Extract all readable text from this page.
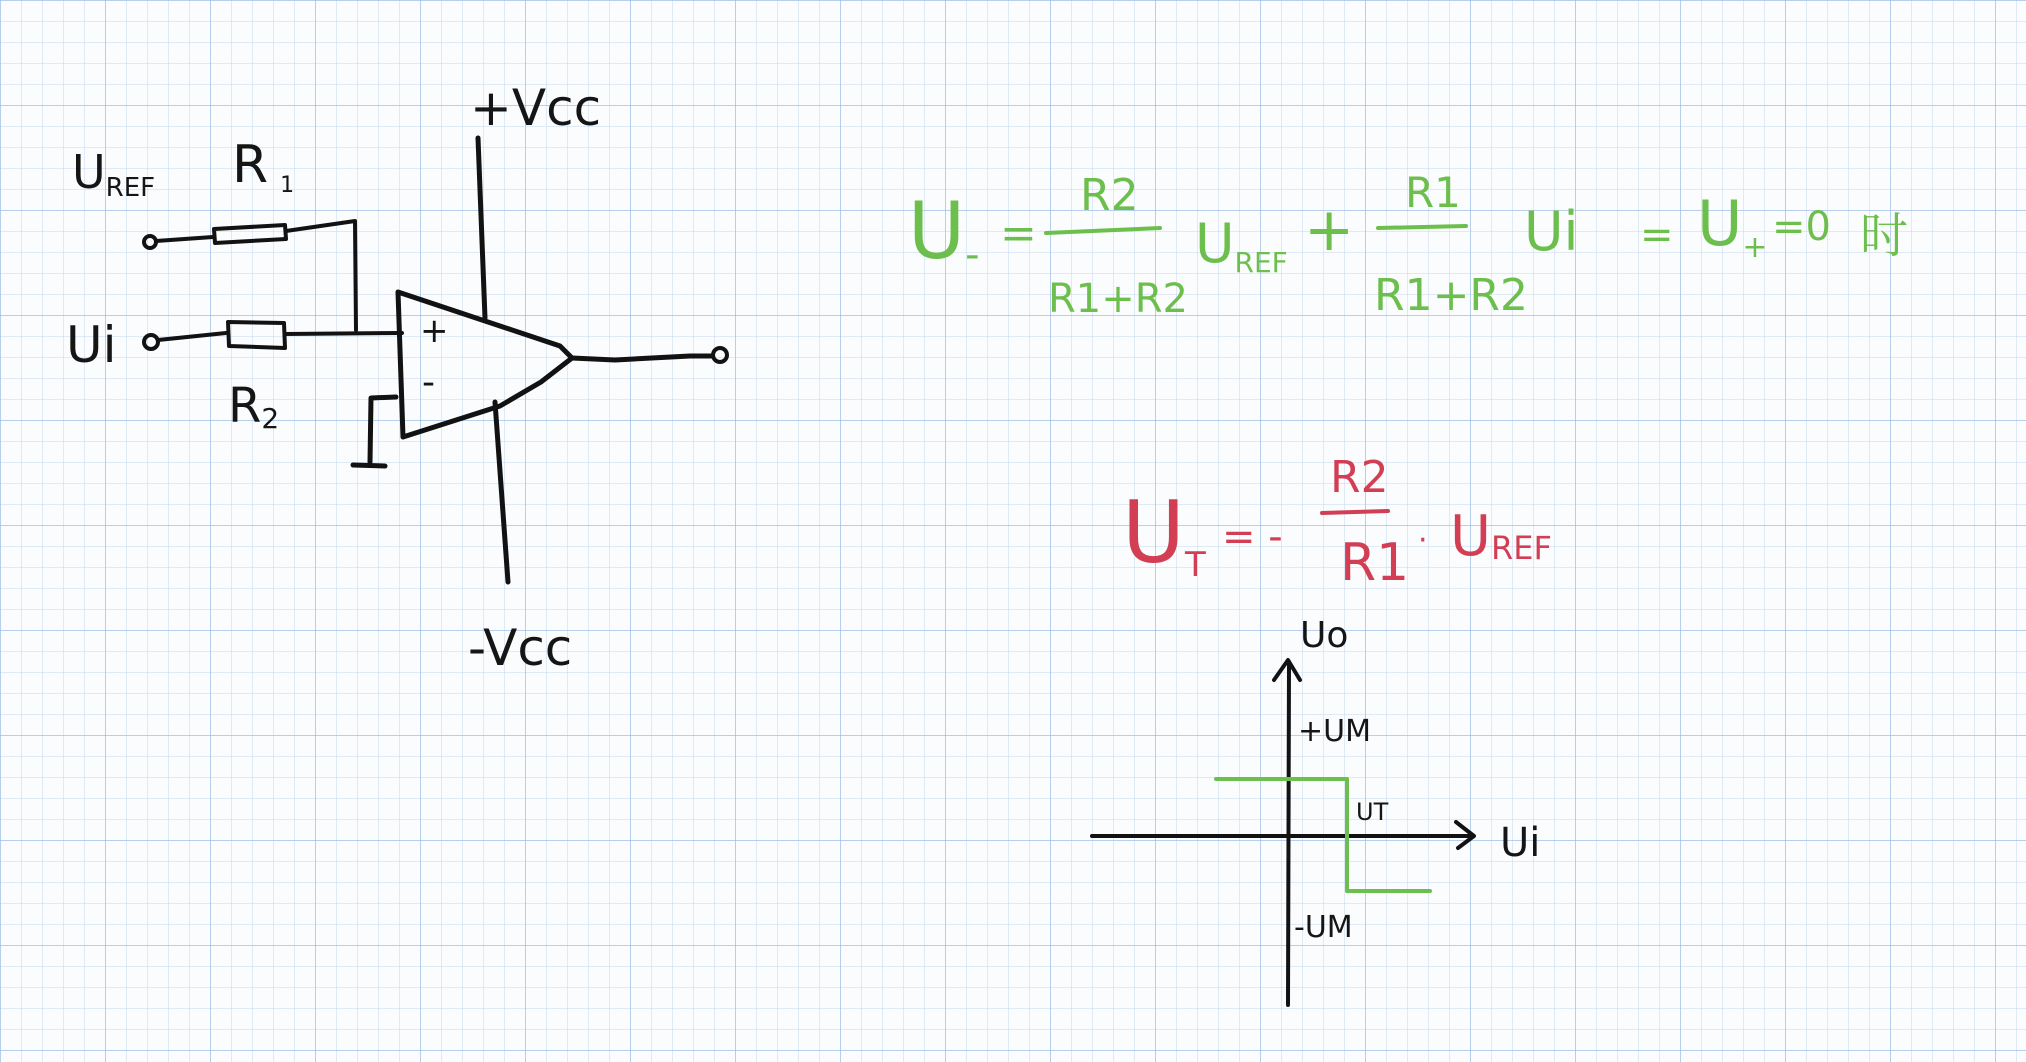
+
-
+Vcc
-Vcc
UREF R 1
R2
Ui
U- =
R2
R1+R2
UREF +
R1
R1+R2
Ui = U+ =0 时
UT
= -
R2
R1 · UREF
Uo
Ui
+UM
-UM
UT
